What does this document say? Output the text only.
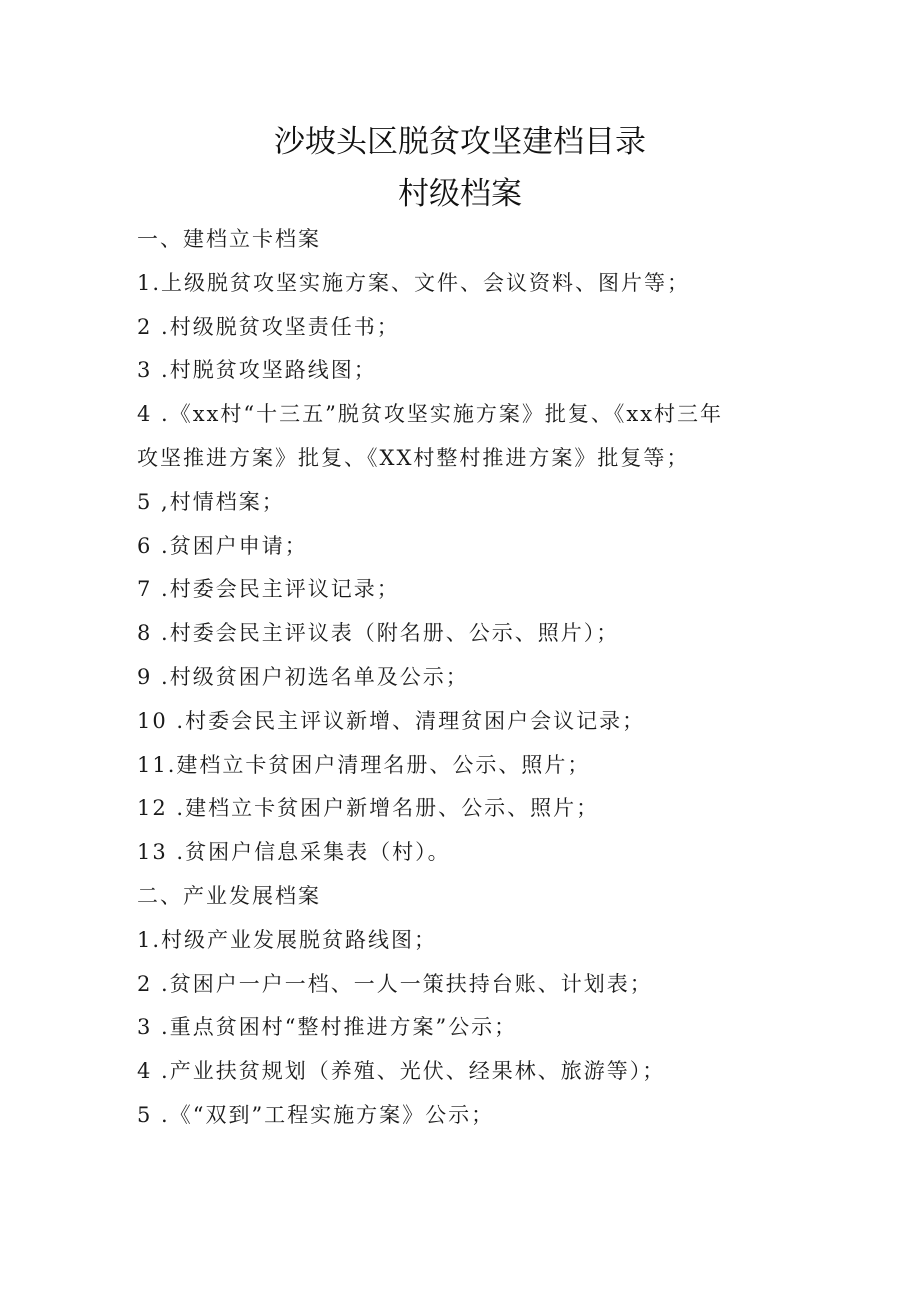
沙坡头区脱贫攻坚建档目录
村级档案
一、建档立卡档案
1.上级脱贫攻坚实施方案、文件、会议资料、图片等；
2 .村级脱贫攻坚责任书；
3 .村脱贫攻坚路线图；
4 .《xx村“十三五”脱贫攻坚实施方案》批复、《xx村三年
攻坚推进方案》批复、《XX村整村推进方案》批复等；
5 ,村情档案；
6 .贫困户申请；
7 .村委会民主评议记录；
8 .村委会民主评议表（附名册、公示、照片）；
9 .村级贫困户初选名单及公示；
10 .村委会民主评议新增、清理贫困户会议记录；
11.建档立卡贫困户清理名册、公示、照片；
12 .建档立卡贫困户新增名册、公示、照片；
13 .贫困户信息采集表（村）。
二、产业发展档案
1.村级产业发展脱贫路线图；
2 .贫困户一户一档、一人一策扶持台账、计划表；
3 .重点贫困村“整村推进方案”公示；
4 .产业扶贫规划（养殖、光伏、经果林、旅游等）；
5 .《“双到”工程实施方案》公示；
